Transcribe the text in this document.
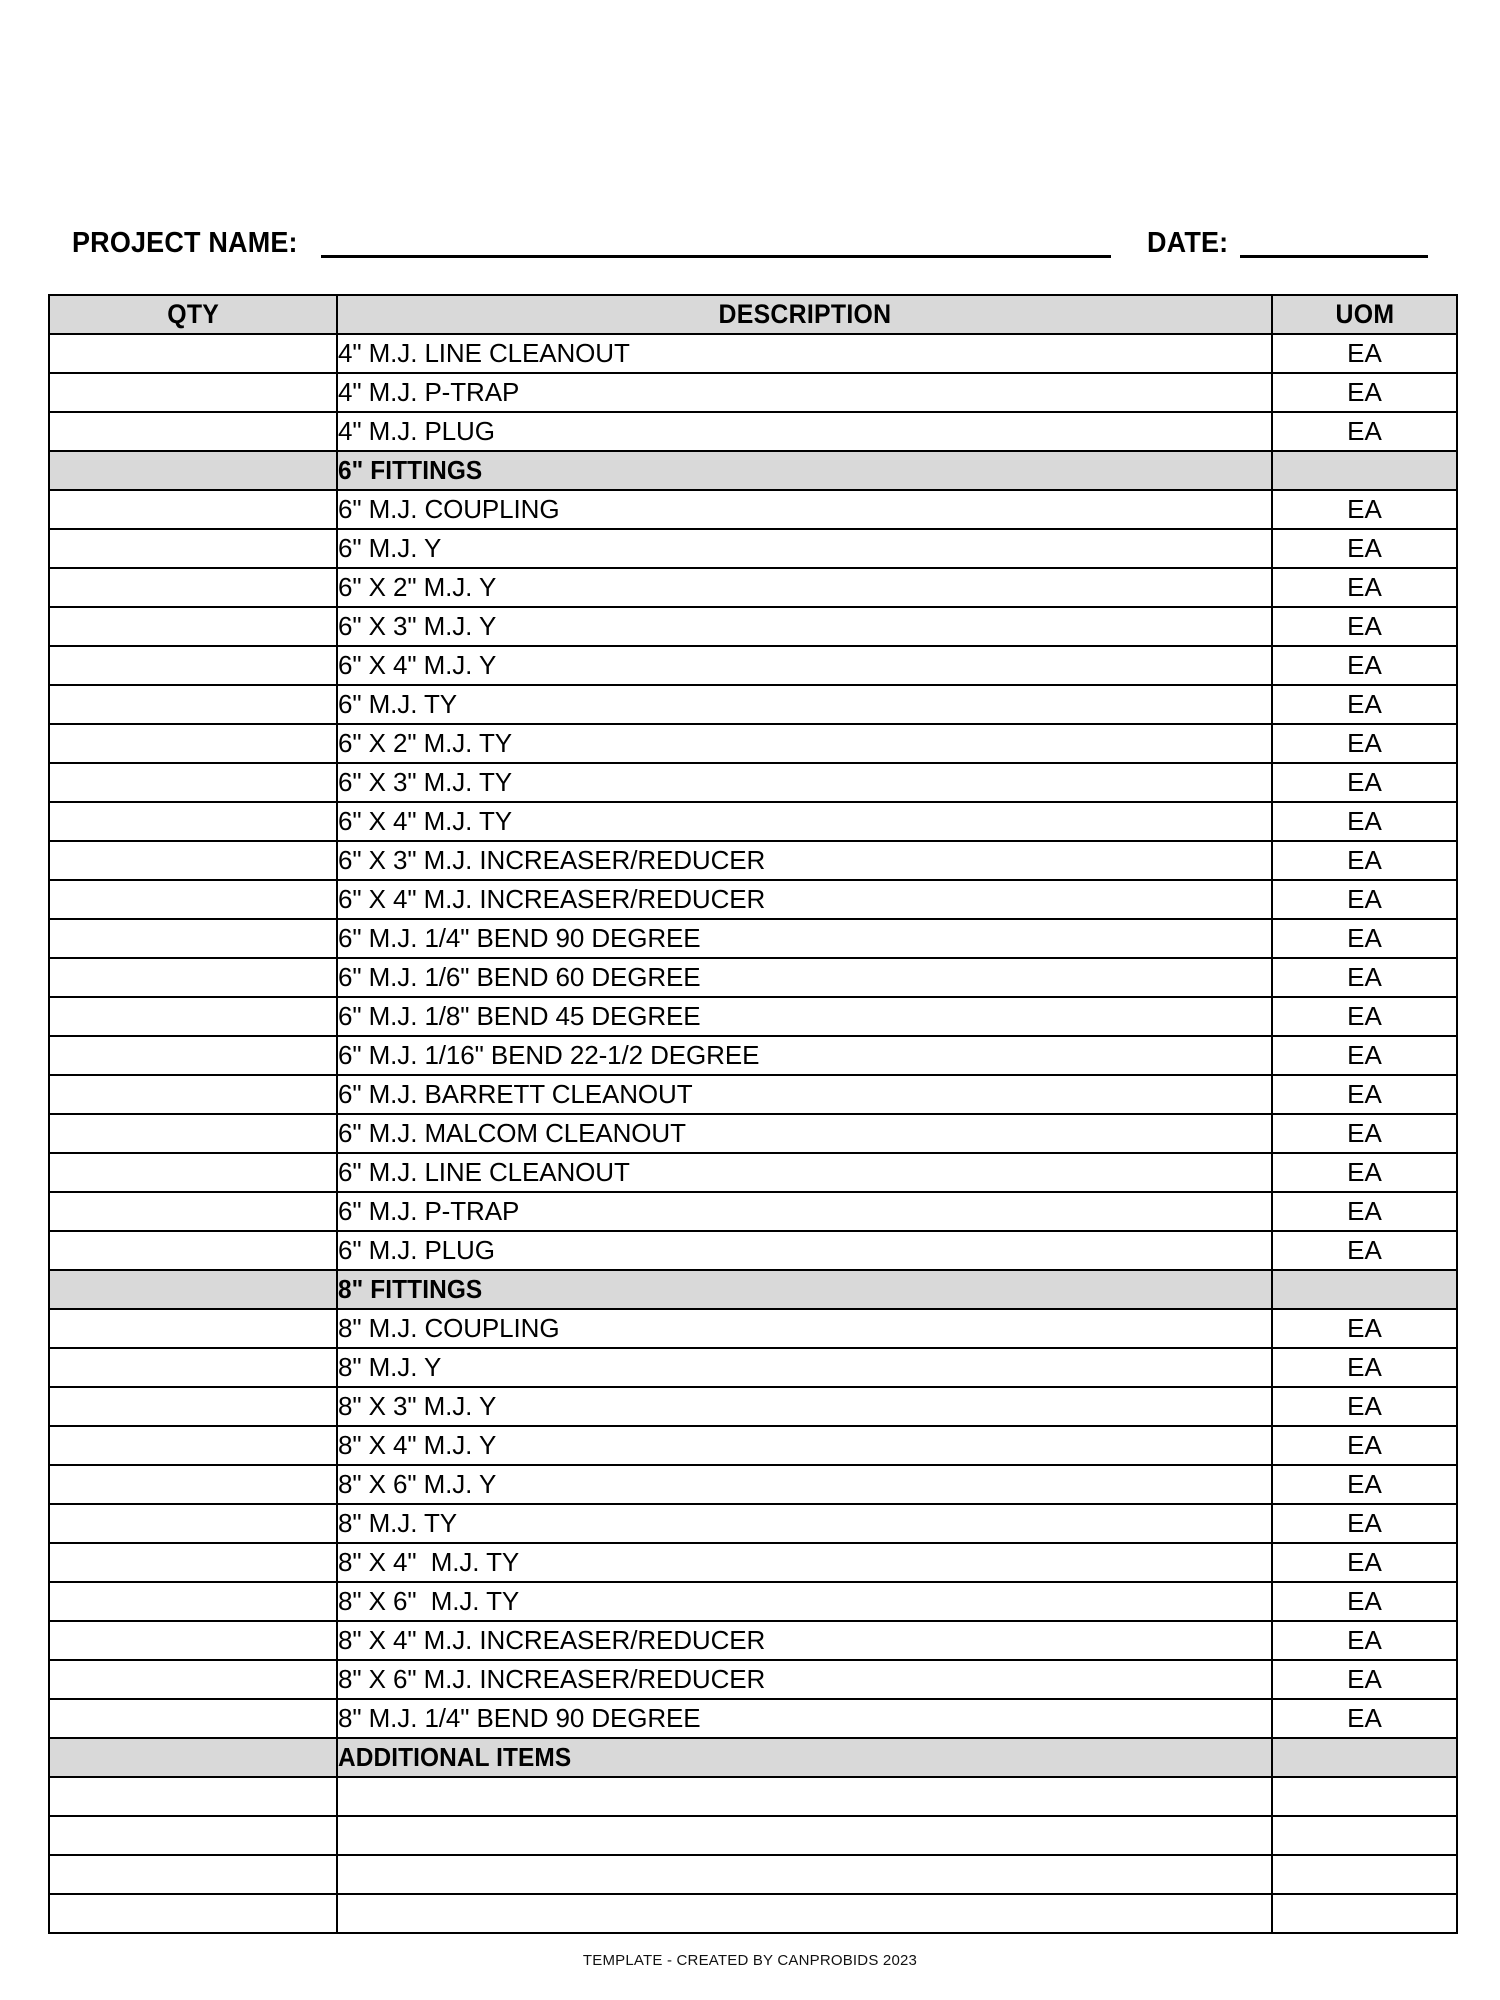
PROJECT NAME:	DATE:
QTY	DESCRIPTION	UOM
	4" M.J. LINE CLEANOUT	EA
	4" M.J. P-TRAP	EA
	4" M.J. PLUG	EA
	6" FITTINGS	
	6" M.J. COUPLING	EA
	6" M.J. Y	EA
	6" X 2" M.J. Y	EA
	6" X 3" M.J. Y	EA
	6" X 4" M.J. Y	EA
	6" M.J. TY	EA
	6" X 2" M.J. TY	EA
	6" X 3" M.J. TY	EA
	6" X 4" M.J. TY	EA
	6" X 3" M.J. INCREASER/REDUCER	EA
	6" X 4" M.J. INCREASER/REDUCER	EA
	6" M.J. 1/4" BEND 90 DEGREE	EA
	6" M.J. 1/6" BEND 60 DEGREE	EA
	6" M.J. 1/8" BEND 45 DEGREE	EA
	6" M.J. 1/16" BEND 22-1/2 DEGREE	EA
	6" M.J. BARRETT CLEANOUT	EA
	6" M.J. MALCOM CLEANOUT	EA
	6" M.J. LINE CLEANOUT	EA
	6" M.J. P-TRAP	EA
	6" M.J. PLUG	EA
	8" FITTINGS	
	8" M.J. COUPLING	EA
	8" M.J. Y	EA
	8" X 3" M.J. Y	EA
	8" X 4" M.J. Y	EA
	8" X 6" M.J. Y	EA
	8" M.J. TY	EA
	8" X 4"  M.J. TY	EA
	8" X 6"  M.J. TY	EA
	8" X 4" M.J. INCREASER/REDUCER	EA
	8" X 6" M.J. INCREASER/REDUCER	EA
	8" M.J. 1/4" BEND 90 DEGREE	EA
	ADDITIONAL ITEMS	

TEMPLATE - CREATED BY CANPROBIDS 2023
